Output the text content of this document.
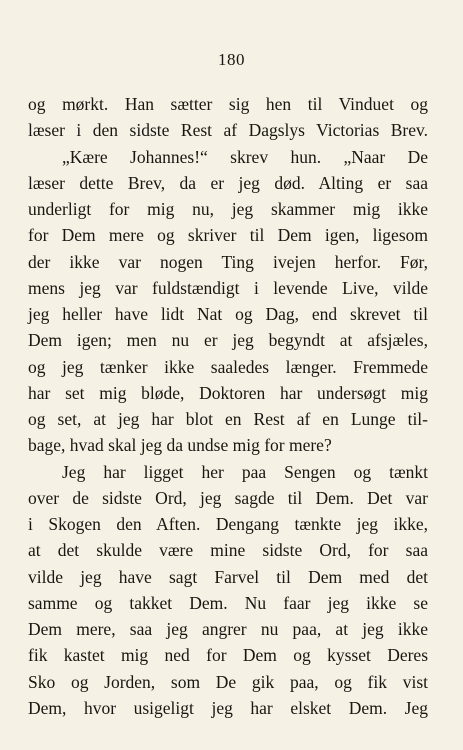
180
og mørkt. Han sætter sig hen til Vinduet og
læser i den sidste Rest af Dagslys Victorias Brev.
„Kære Johannes!“ skrev hun. „Naar De
læser dette Brev, da er jeg død. Alting er saa
underligt for mig nu, jeg skammer mig ikke
for Dem mere og skriver til Dem igen, ligesom
der ikke var nogen Ting ivejen herfor. Før,
mens jeg var fuldstændigt i levende Live, vilde
jeg heller have lidt Nat og Dag, end skrevet til
Dem igen; men nu er jeg begyndt at afsjæles,
og jeg tænker ikke saaledes længer. Fremmede
har set mig bløde, Doktoren har undersøgt mig
og set, at jeg har blot en Rest af en Lunge til-
bage, hvad skal jeg da undse mig for mere?
Jeg har ligget her paa Sengen og tænkt
over de sidste Ord, jeg sagde til Dem. Det var
i Skogen den Aften. Dengang tænkte jeg ikke,
at det skulde være mine sidste Ord, for saa
vilde jeg have sagt Farvel til Dem med det
samme og takket Dem. Nu faar jeg ikke se
Dem mere, saa jeg angrer nu paa, at jeg ikke
fik kastet mig ned for Dem og kysset Deres
Sko og Jorden, som De gik paa, og fik vist
Dem, hvor usigeligt jeg har elsket Dem. Jeg
